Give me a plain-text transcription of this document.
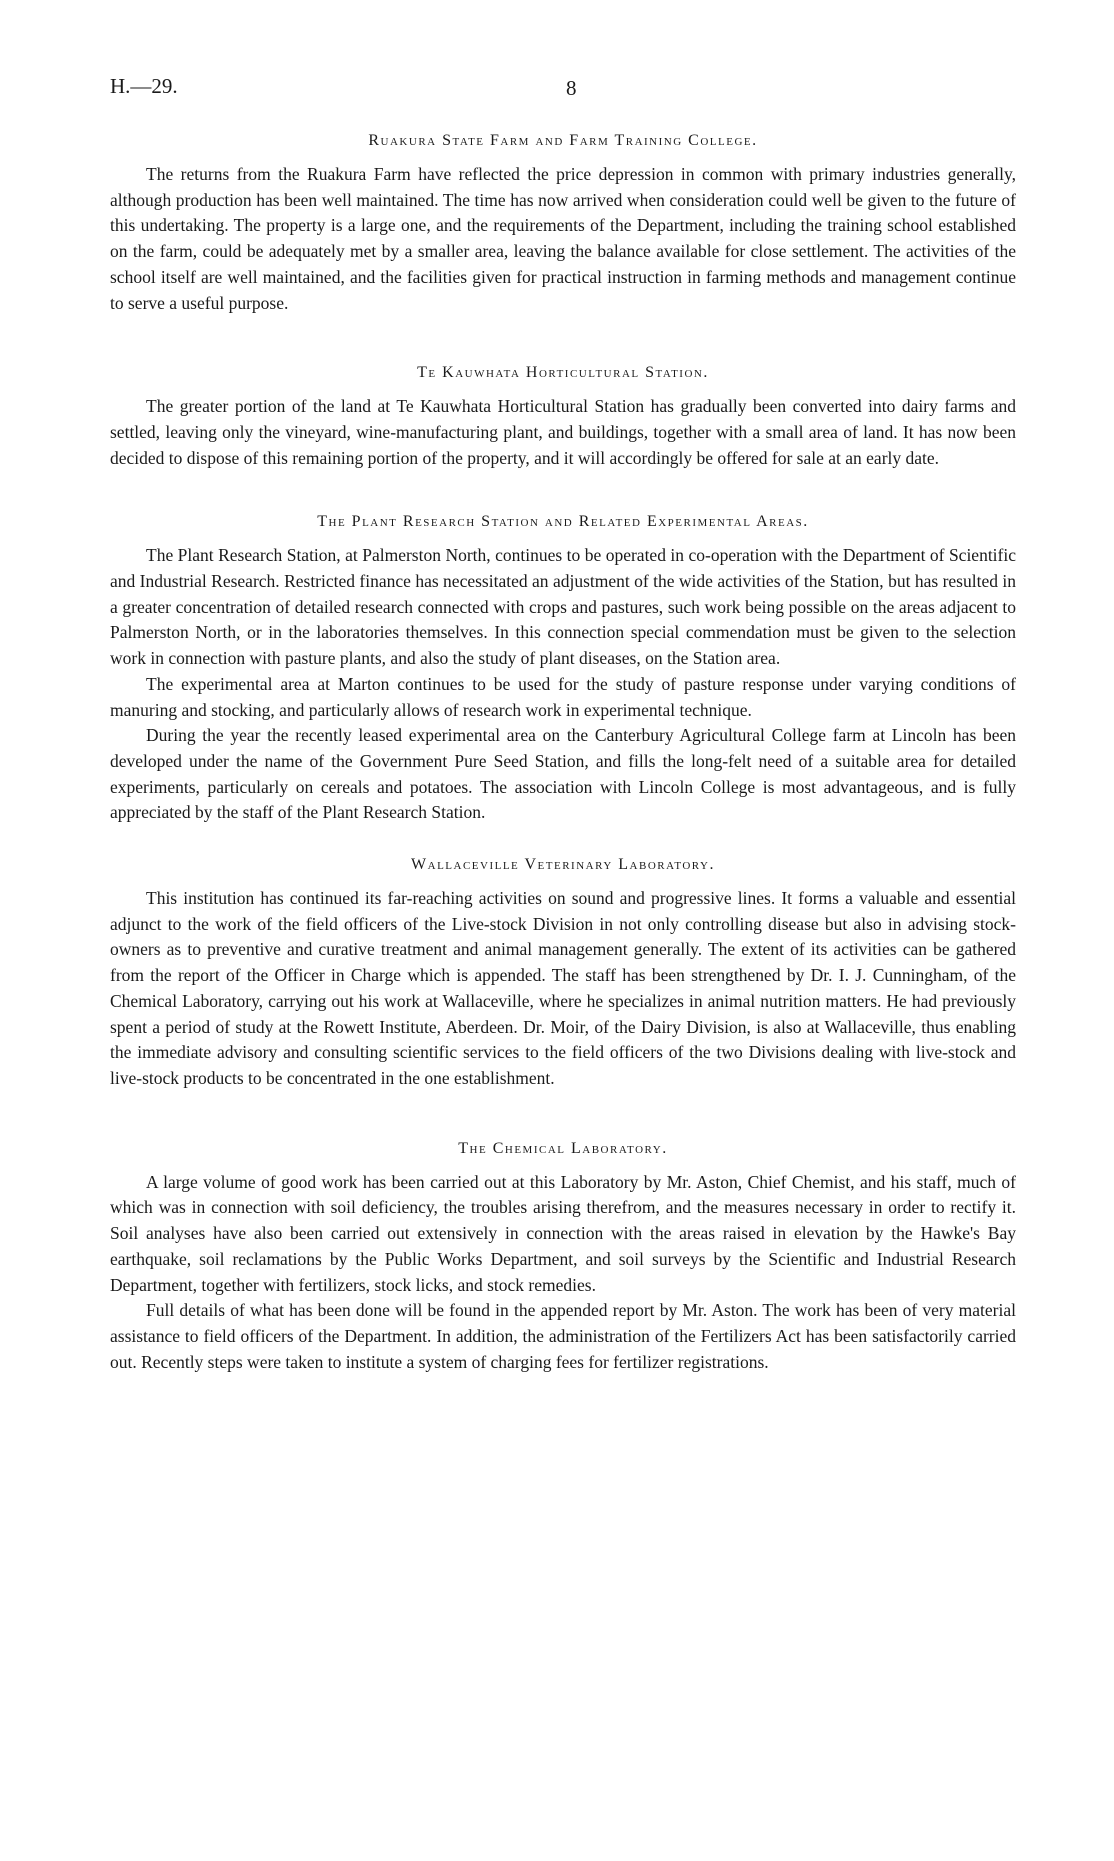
H.—29.	8
Ruakura State Farm and Farm Training College.

The returns from the Ruakura Farm have reflected the price depression in common with primary industries generally, although production has been well maintained. The time has now arrived when consideration could well be given to the future of this undertaking. The property is a large one, and the requirements of the Department, including the training school established on the farm, could be adequately met by a smaller area, leaving the balance available for close settlement. The activities of the school itself are well maintained, and the facilities given for practical instruction in farming methods and management continue to serve a useful purpose.

Te Kauwhata Horticultural Station.

The greater portion of the land at Te Kauwhata Horticultural Station has gradually been converted into dairy farms and settled, leaving only the vineyard, wine-manufacturing plant, and buildings, together with a small area of land. It has now been decided to dispose of this remaining portion of the property, and it will accordingly be offered for sale at an early date.

The Plant Research Station and Related Experimental Areas.

The Plant Research Station, at Palmerston North, continues to be operated in co-operation with the Department of Scientific and Industrial Research. Restricted finance has necessitated an adjustment of the wide activities of the Station, but has resulted in a greater concentration of detailed research connected with crops and pastures, such work being possible on the areas adjacent to Palmerston North, or in the laboratories themselves. In this connection special commendation must be given to the selection work in connection with pasture plants, and also the study of plant diseases, on the Station area.

The experimental area at Marton continues to be used for the study of pasture response under varying conditions of manuring and stocking, and particularly allows of research work in experimental technique.

During the year the recently leased experimental area on the Canterbury Agricultural College farm at Lincoln has been developed under the name of the Government Pure Seed Station, and fills the long-felt need of a suitable area for detailed experiments, particularly on cereals and potatoes. The association with Lincoln College is most advantageous, and is fully appreciated by the staff of the Plant Research Station.

Wallaceville Veterinary Laboratory.

This institution has continued its far-reaching activities on sound and progressive lines. It forms a valuable and essential adjunct to the work of the field officers of the Live-stock Division in not only controlling disease but also in advising stock-owners as to preventive and curative treatment and animal management generally. The extent of its activities can be gathered from the report of the Officer in Charge which is appended. The staff has been strengthened by Dr. I. J. Cunningham, of the Chemical Laboratory, carrying out his work at Wallaceville, where he specializes in animal nutrition matters. He had previously spent a period of study at the Rowett Institute, Aberdeen. Dr. Moir, of the Dairy Division, is also at Wallaceville, thus enabling the immediate advisory and consulting scientific services to the field officers of the two Divisions dealing with live-stock and live-stock products to be concentrated in the one establishment.

The Chemical Laboratory.

A large volume of good work has been carried out at this Laboratory by Mr. Aston, Chief Chemist, and his staff, much of which was in connection with soil deficiency, the troubles arising therefrom, and the measures necessary in order to rectify it. Soil analyses have also been carried out extensively in connection with the areas raised in elevation by the Hawke's Bay earthquake, soil reclamations by the Public Works Department, and soil surveys by the Scientific and Industrial Research Department, together with fertilizers, stock licks, and stock remedies.

Full details of what has been done will be found in the appended report by Mr. Aston. The work has been of very material assistance to field officers of the Department. In addition, the administration of the Fertilizers Act has been satisfactorily carried out. Recently steps were taken to institute a system of charging fees for fertilizer registrations.
